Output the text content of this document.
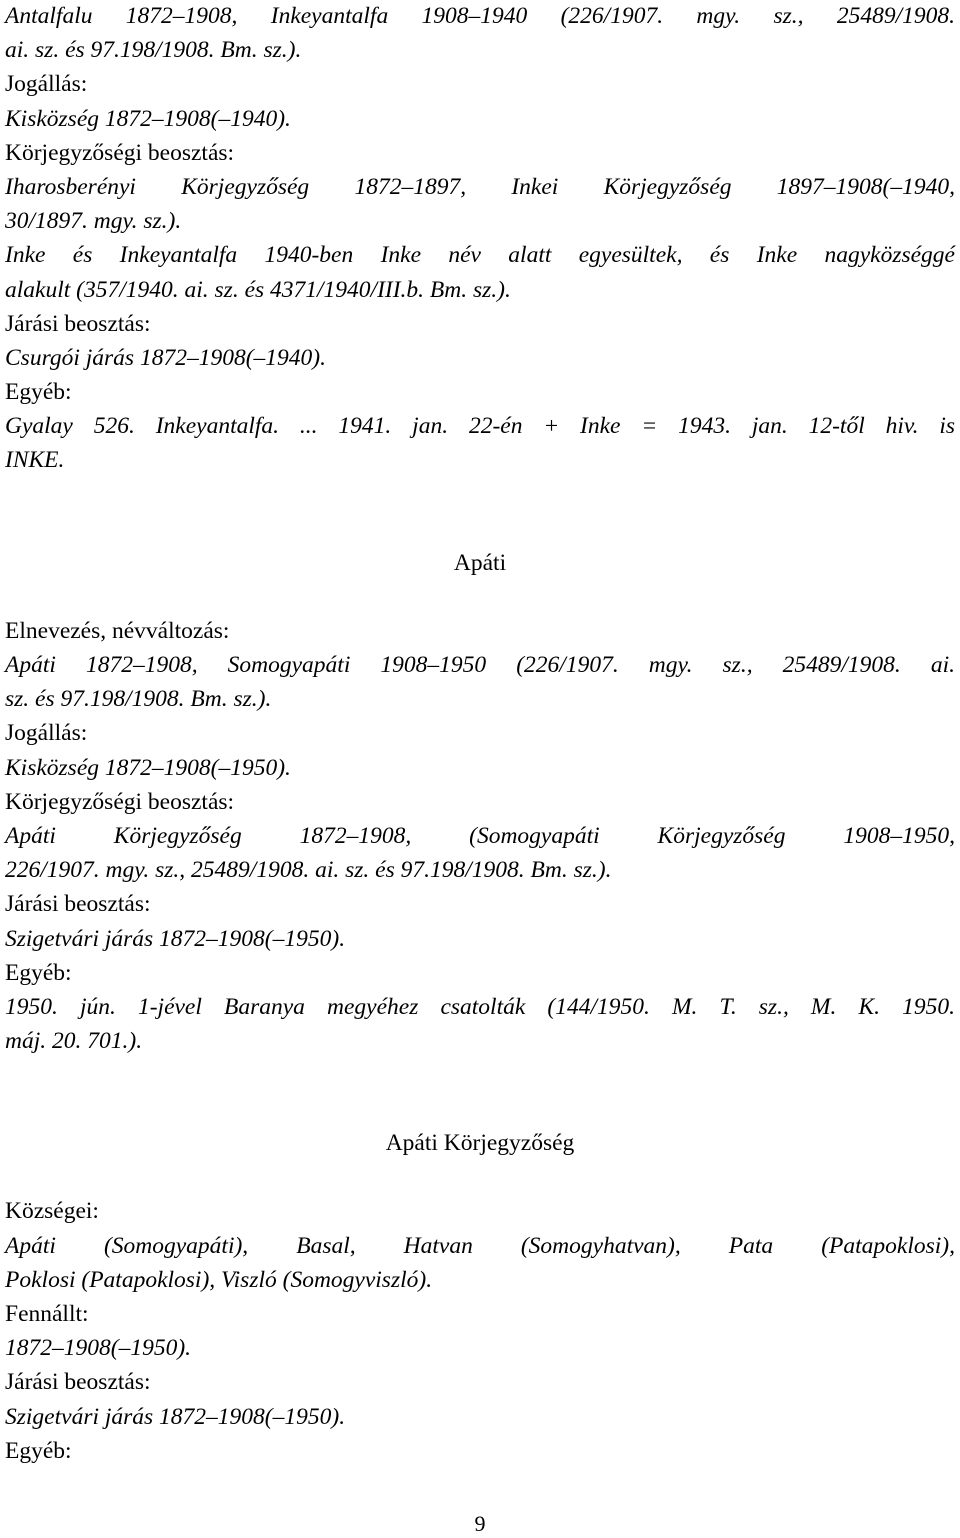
Antalfalu 1872–1908, Inkeyantalfa 1908–1940 (226/1907. mgy. sz., 25489/1908.
ai. sz. és 97.198/1908. Bm. sz.).
Jogállás:
Kisközség 1872–1908(–1940).
Körjegyzőségi beosztás:
Iharosberényi Körjegyzőség 1872–1897, Inkei Körjegyzőség 1897–1908(–1940,
30/1897. mgy. sz.).
Inke és Inkeyantalfa 1940-ben Inke név alatt egyesültek, és Inke nagyközséggé
alakult (357/1940. ai. sz. és 4371/1940/III.b. Bm. sz.).
Járási beosztás:
Csurgói járás 1872–1908(–1940).
Egyéb:
Gyalay 526. Inkeyantalfa. ... 1941. jan. 22-én + Inke = 1943. jan. 12-től hiv. is
INKE.
Apáti
Elnevezés, névváltozás:
Apáti 1872–1908, Somogyapáti 1908–1950 (226/1907. mgy. sz., 25489/1908. ai.
sz. és 97.198/1908. Bm. sz.).
Jogállás:
Kisközség 1872–1908(–1950).
Körjegyzőségi beosztás:
Apáti Körjegyzőség 1872–1908, (Somogyapáti Körjegyzőség 1908–1950,
226/1907. mgy. sz., 25489/1908. ai. sz. és 97.198/1908. Bm. sz.).
Járási beosztás:
Szigetvári járás 1872–1908(–1950).
Egyéb:
1950. jún. 1-jével Baranya megyéhez csatolták (144/1950. M. T. sz., M. K. 1950.
máj. 20. 701.).
Apáti Körjegyzőség
Községei:
Apáti (Somogyapáti), Basal, Hatvan (Somogyhatvan), Pata (Patapoklosi),
Poklosi (Patapoklosi), Viszló (Somogyviszló).
Fennállt:
1872–1908(–1950).
Járási beosztás:
Szigetvári járás 1872–1908(–1950).
Egyéb:
9
